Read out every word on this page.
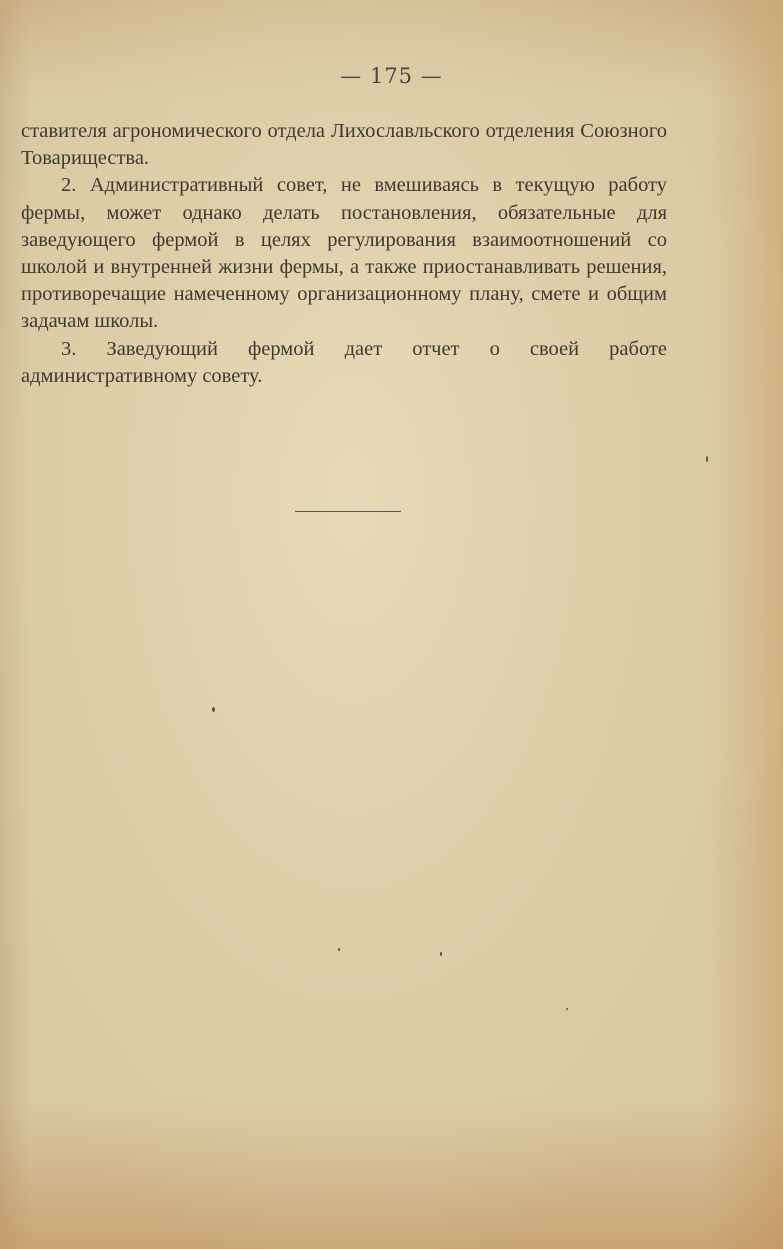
— 175 —

ставителя агрономического отдела Лихославльского отделения Союзного Товарищества.

2. Административный совет, не вмешиваясь в текущую работу фермы, может однако делать постановления, обязательные для заведующего фермой в целях регулирования взаимоотношений со школой и внутренней жизни фермы, а также приостанавливать решения, противоречащие намеченному организационному плану, смете и общим задачам школы.

3. Заведующий фермой дает отчет о своей работе административному совету.
